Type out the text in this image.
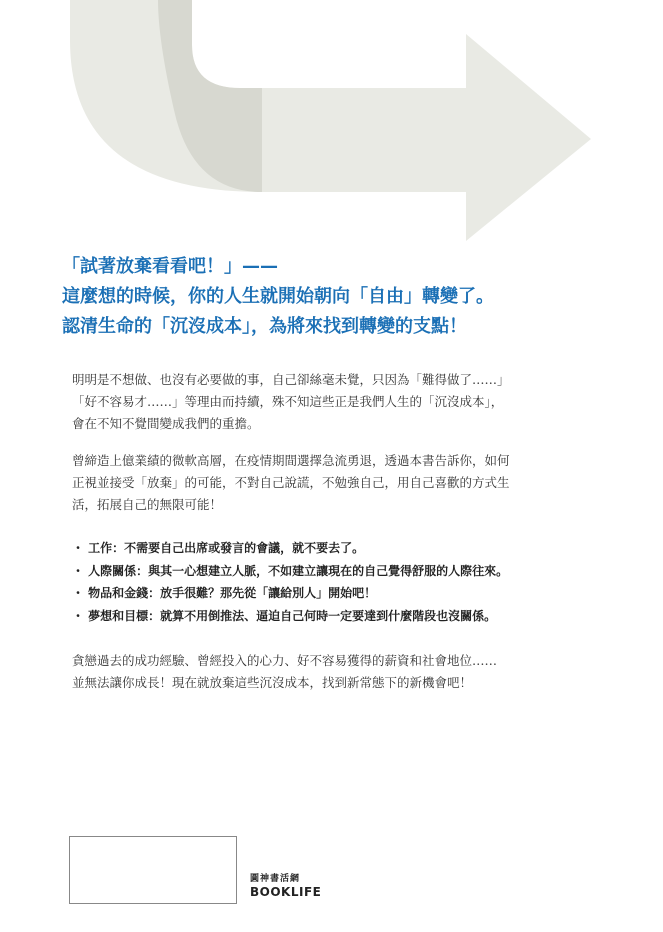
「試著放棄看看吧！」——
這麼想的時候，你的人生就開始朝向「自由」轉變了。
認清生命的「沉沒成本」，為將來找到轉變的支點！

明明是不想做、也沒有必要做的事，自己卻絲毫未覺，只因為「難得做了……」

「好不容易才……」等理由而持續，殊不知這些正是我們人生的「沉沒成本」，

會在不知不覺間變成我們的重擔。

曾締造上億業績的微軟高層，在疫情期間選擇急流勇退，透過本書告訴你，如何

正視並接受「放棄」的可能，不對自己說謊，不勉強自己，用自己喜歡的方式生

活，拓展自己的無限可能！

・ 工作：不需要自己出席或發言的會議，就不要去了。
・ 人際關係：與其一心想建立人脈，不如建立讓現在的自己覺得舒服的人際往來。
・ 物品和金錢：放手很難？那先從「讓給別人」開始吧！
・ 夢想和目標：就算不用倒推法、逼迫自己何時一定要達到什麼階段也沒關係。

貪戀過去的成功經驗、曾經投入的心力、好不容易獲得的薪資和社會地位……

並無法讓你成長！現在就放棄這些沉沒成本，找到新常態下的新機會吧！

圓神書活網
BOOKLIFE
